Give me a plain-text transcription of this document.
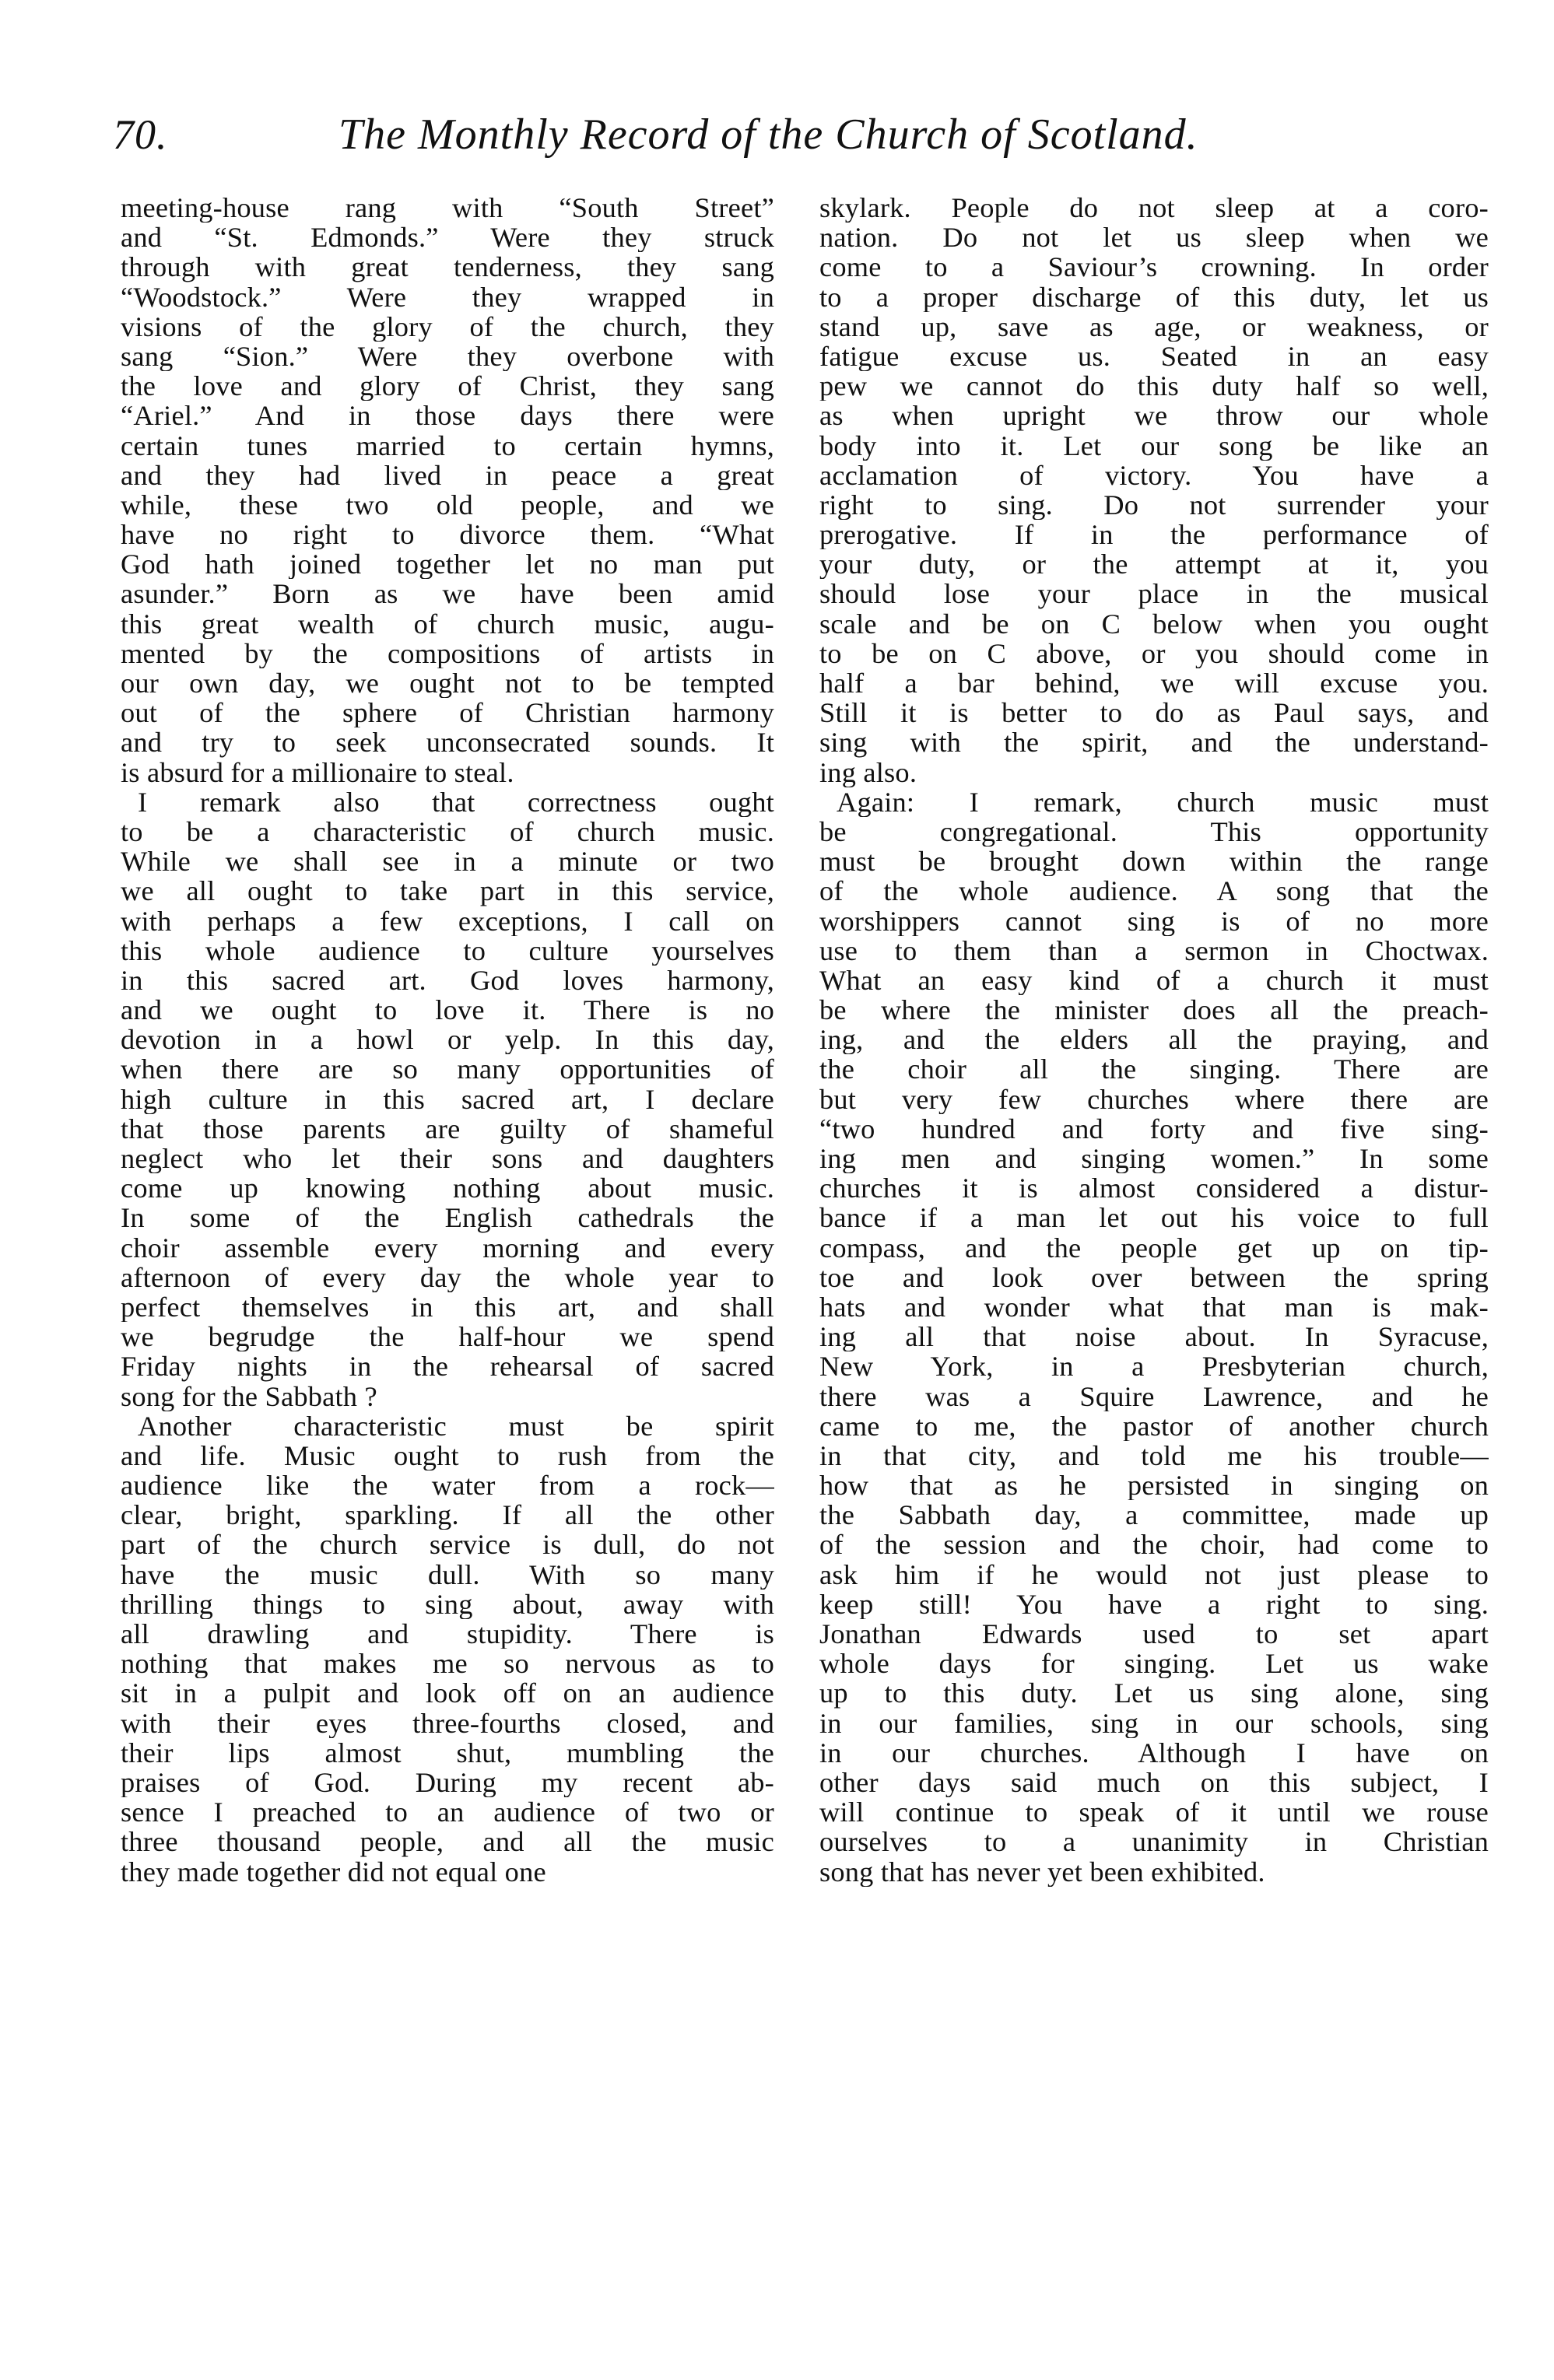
70.	The Monthly Record of the Church of Scotland.
meeting-house rang with “South Street”
and “St. Edmonds.” Were they struck
through with great tenderness, they sang
“Woodstock.” Were they wrapped in
visions of the glory of the church, they
sang “Sion.” Were they overbone with
the love and glory of Christ, they sang
“Ariel.” And in those days there were
certain tunes married to certain hymns,
and they had lived in peace a great
while, these two old people, and we
have no right to divorce them. “What
God hath joined together let no man put
asunder.” Born as we have been amid
this great wealth of church music, augu-
mented by the compositions of artists in
our own day, we ought not to be tempted
out of the sphere of Christian harmony
and try to seek unconsecrated sounds. It
is absurd for a millionaire to steal.
I remark also that correctness ought
to be a characteristic of church music.
While we shall see in a minute or two
we all ought to take part in this service,
with perhaps a few exceptions, I call on
this whole audience to culture yourselves
in this sacred art. God loves harmony,
and we ought to love it. There is no
devotion in a howl or yelp. In this day,
when there are so many opportunities of
high culture in this sacred art, I declare
that those parents are guilty of shameful
neglect who let their sons and daughters
come up knowing nothing about music.
In some of the English cathedrals the
choir assemble every morning and every
afternoon of every day the whole year to
perfect themselves in this art, and shall
we begrudge the half-hour we spend
Friday nights in the rehearsal of sacred
song for the Sabbath ?
Another characteristic must be spirit
and life. Music ought to rush from the
audience like the water from a rock—
clear, bright, sparkling. If all the other
part of the church service is dull, do not
have the music dull. With so many
thrilling things to sing about, away with
all drawling and stupidity. There is
nothing that makes me so nervous as to
sit in a pulpit and look off on an audience
with their eyes three-fourths closed, and
their lips almost shut, mumbling the
praises of God. During my recent ab-
sence I preached to an audience of two or
three thousand people, and all the music
they made together did not equal one
skylark. People do not sleep at a coro-
nation. Do not let us sleep when we
come to a Saviour’s crowning. In order
to a proper discharge of this duty, let us
stand up, save as age, or weakness, or
fatigue excuse us. Seated in an easy
pew we cannot do this duty half so well,
as when upright we throw our whole
body into it. Let our song be like an
acclamation of victory. You have a
right to sing. Do not surrender your
prerogative. If in the performance of
your duty, or the attempt at it, you
should lose your place in the musical
scale and be on C below when you ought
to be on C above, or you should come in
half a bar behind, we will excuse you.
Still it is better to do as Paul says, and
sing with the spirit, and the understand-
ing also.
Again: I remark, church music must
be congregational. This opportunity
must be brought down within the range
of the whole audience. A song that the
worshippers cannot sing is of no more
use to them than a sermon in Choctwax.
What an easy kind of a church it must
be where the minister does all the preach-
ing, and the elders all the praying, and
the choir all the singing. There are
but very few churches where there are
“two hundred and forty and five sing-
ing men and singing women.” In some
churches it is almost considered a distur-
bance if a man let out his voice to full
compass, and the people get up on tip-
toe and look over between the spring
hats and wonder what that man is mak-
ing all that noise about. In Syracuse,
New York, in a Presbyterian church,
there was a Squire Lawrence, and he
came to me, the pastor of another church
in that city, and told me his trouble—
how that as he persisted in singing on
the Sabbath day, a committee, made up
of the session and the choir, had come to
ask him if he would not just please to
keep still! You have a right to sing.
Jonathan Edwards used to set apart
whole days for singing. Let us wake
up to this duty. Let us sing alone, sing
in our families, sing in our schools, sing
in our churches. Although I have on
other days said much on this subject, I
will continue to speak of it until we rouse
ourselves to a unanimity in Christian
song that has never yet been exhibited.
